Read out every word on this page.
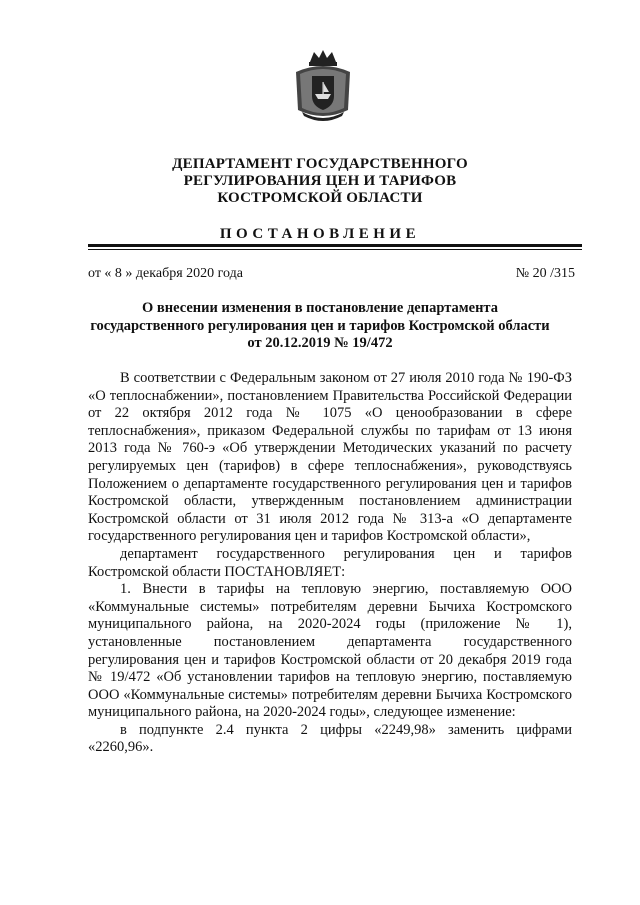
ДЕПАРТАМЕНТ ГОСУДАРСТВЕННОГО
РЕГУЛИРОВАНИЯ ЦЕН И ТАРИФОВ
КОСТРОМСКОЙ ОБЛАСТИ
ПОСТАНОВЛЕНИЕ
от « 8 » декабря 2020 года	№ 20 /315
О внесении изменения в постановление департамента
государственного регулирования цен и тарифов Костромской области
от 20.12.2019 № 19/472

В соответствии с Федеральным законом от 27 июля 2010 года № 190-ФЗ «О теплоснабжении», постановлением Правительства Российской Федерации от 22 октября 2012 года № 1075 «О ценообразовании в сфере теплоснабжения», приказом Федеральной службы по тарифам от 13 июня 2013 года № 760-э «Об утверждении Методических указаний по расчету регулируемых цен (тарифов) в сфере теплоснабжения», руководствуясь Положением о департаменте государственного регулирования цен и тарифов Костромской области, утвержденным постановлением администрации Костромской области от 31 июля 2012 года № 313-а «О департаменте государственного регулирования цен и тарифов Костромской области»,

департамент государственного регулирования цен и тарифов Костромской области ПОСТАНОВЛЯЕТ:

1. Внести в тарифы на тепловую энергию, поставляемую ООО «Коммунальные системы» потребителям деревни Бычиха Костромского муниципального района, на 2020-2024 годы (приложение № 1), установленные постановлением департамента государственного регулирования цен и тарифов Костромской области от 20 декабря 2019 года № 19/472 «Об установлении тарифов на тепловую энергию, поставляемую ООО «Коммунальные системы» потребителям деревни Бычиха Костромского муниципального района, на 2020-2024 годы», следующее изменение:

в подпункте 2.4 пункта 2 цифры «2249,98» заменить цифрами «2260,96».
